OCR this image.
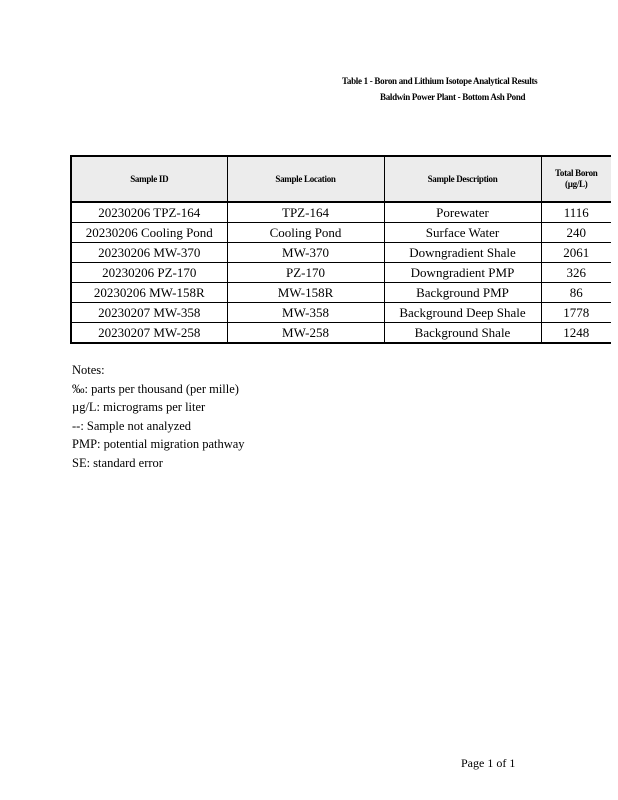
Table 1 - Boron and Lithium Isotope Analytical Results
Baldwin Power Plant - Bottom Ash Pond
Sample ID	Sample Location	Sample Description	Total Boron
(µg/L)

20230206 TPZ-164	TPZ-164	Porewater	1116
20230206 Cooling Pond	Cooling Pond	Surface Water	240
20230206 MW-370	MW-370	Downgradient Shale	2061
20230206 PZ-170	PZ-170	Downgradient PMP	326
20230206 MW-158R	MW-158R	Background PMP	86
20230207 MW-358	MW-358	Background Deep Shale	1778
20230207 MW-258	MW-258	Background Shale	1248
Notes:
‰: parts per thousand (per mille)
µg/L: micrograms per liter
--: Sample not analyzed
PMP: potential migration pathway
SE: standard error
Page 1 of 1
